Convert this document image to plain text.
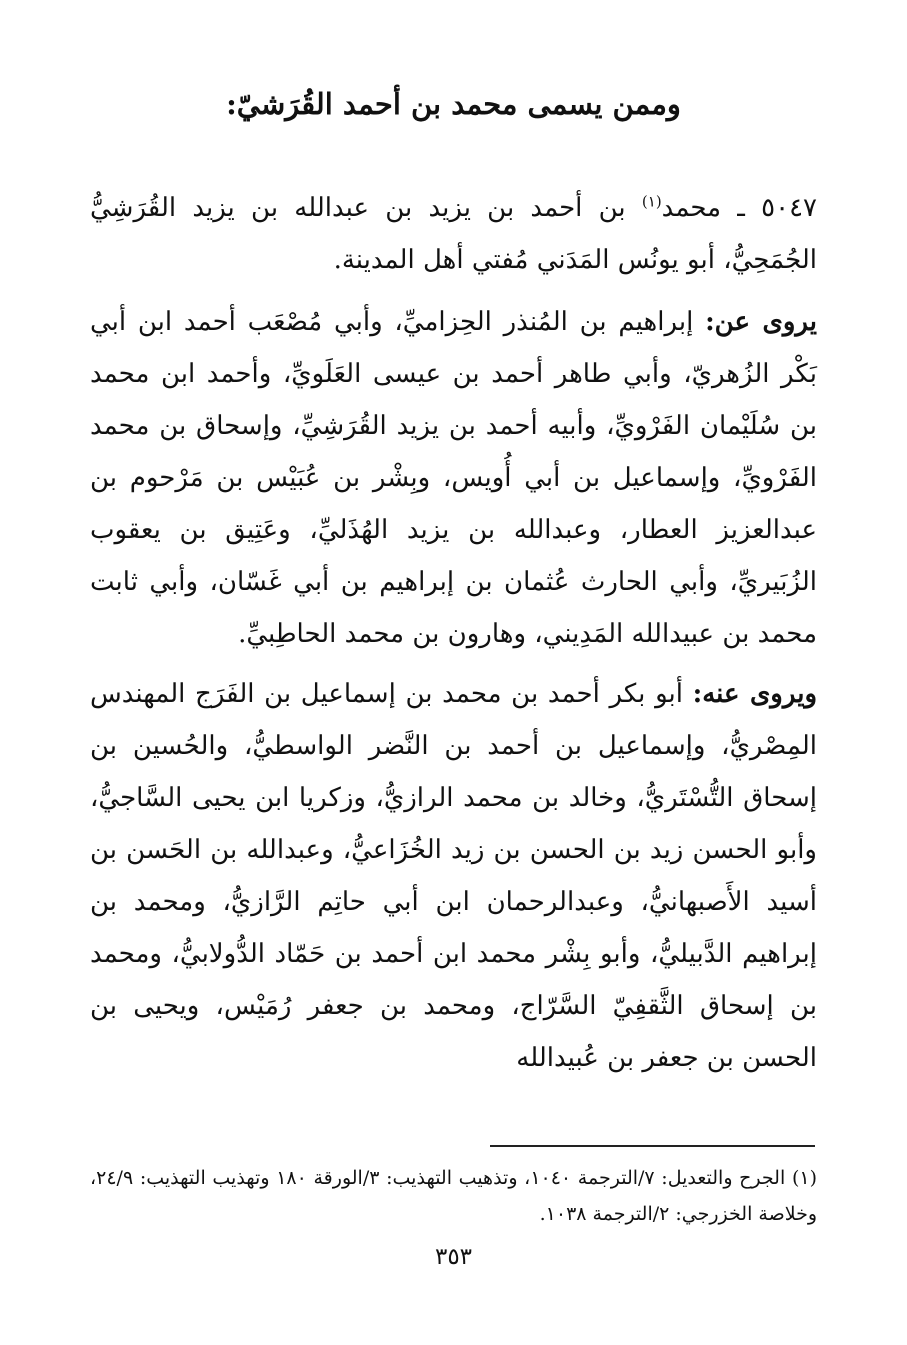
وممن يسمى محمد بن أحمد القُرَشيّ:

٥٠٤٧ ـ محمد$^{(١)}$ بن أحمد بن يزيد بن عبدالله بن يزيد القُرَشِيُّ الجُمَحِيُّ، أبو يونُس المَدَني مُفتي أهل المدينة.

يروى عن: إبراهيم بن المُنذر الحِزاميِّ، وأبي مُصْعَب أحمد ابن أبي بَكْر الزُهريّ، وأبي طاهر أحمد بن عيسى العَلَويِّ، وأحمد ابن محمد بن سُلَيْمان الفَرْويِّ، وأبيه أحمد بن يزيد القُرَشِيِّ، وإسحاق بن محمد الفَرْويِّ، وإسماعيل بن أبي أُويس، وبِشْر بن عُبَيْس بن مَرْحوم بن عبدالعزيز العطار، وعبدالله بن يزيد الهُذَليِّ، وعَتِيق بن يعقوب الزُبَيريِّ، وأبي الحارث عُثمان بن إبراهيم بن أبي غَسّان، وأبي ثابت محمد بن عبيدالله المَدِيني، وهارون بن محمد الحاطِبيِّ.

ويروى عنه: أبو بكر أحمد بن محمد بن إسماعيل بن الفَرَج المهندس المِصْريُّ، وإسماعيل بن أحمد بن النَّضر الواسطيُّ، والحُسين بن إسحاق التُّسْتَريُّ، وخالد بن محمد الرازيُّ، وزكريا ابن يحيى السَّاجيُّ، وأبو الحسن زيد بن الحسن بن زيد الخُزَاعيُّ، وعبدالله بن الحَسن بن أسيد الأَصبهانيُّ، وعبدالرحمان ابن أبي حاتِم الرَّازيُّ، ومحمد بن إبراهيم الدَّبيليُّ، وأبو بِشْر محمد ابن أحمد بن حَمّاد الدُّولابيُّ، ومحمد بن إسحاق الثَّقفِيّ السَّرّاج، ومحمد بن جعفر رُمَيْس، ويحيى بن الحسن بن جعفر بن عُبيدالله

(١) الجرح والتعديل: ٧/الترجمة ١٠٤٠، وتذهيب التهذيب: ٣/الورقة ١٨٠ وتهذيب التهذيب: ٢٤/٩، وخلاصة الخزرجي: ٢/الترجمة ١٠٣٨.
٣٥٣
